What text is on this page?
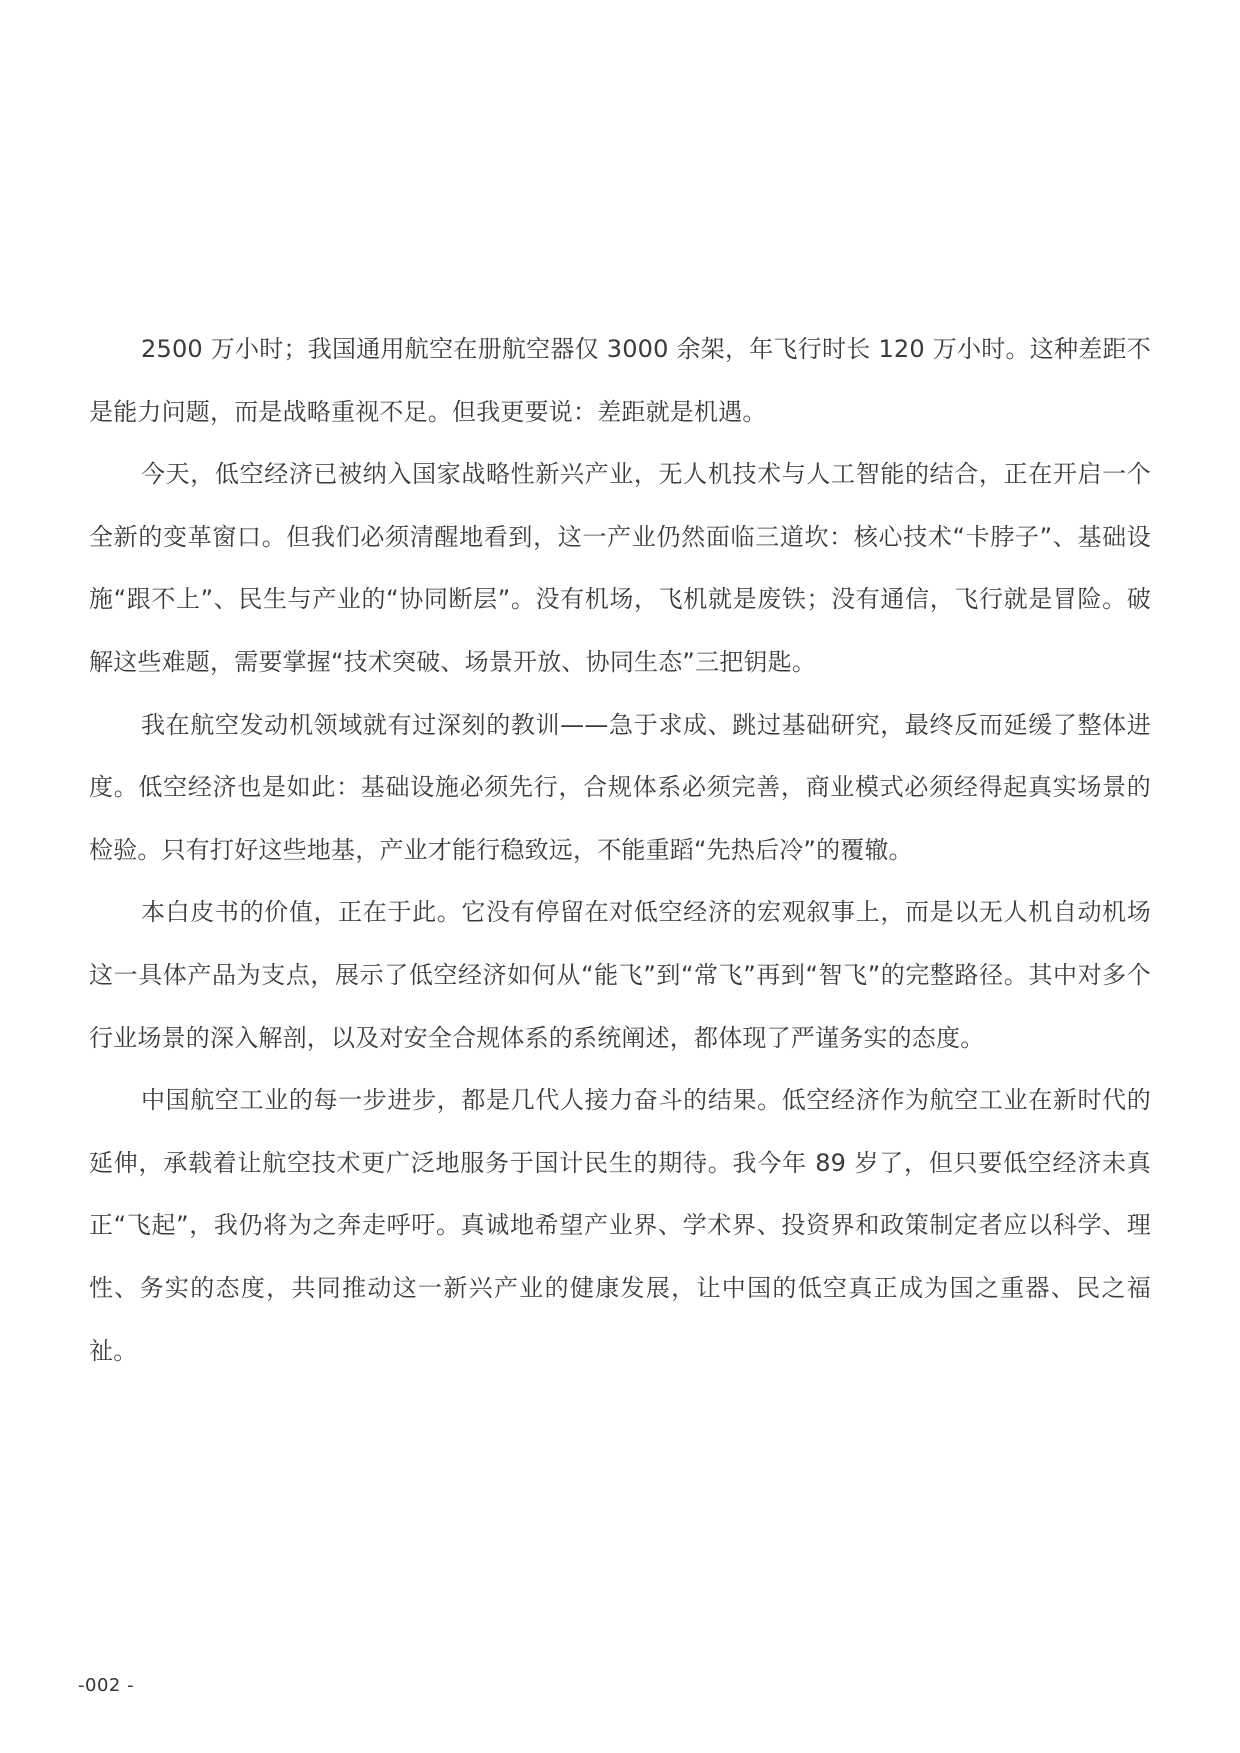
2500 万小时；我国通用航空在册航空器仅 3000 余架，年飞行时长 120 万小时。这种差距不是能力问题，而是战略重视不足。但我更要说：差距就是机遇。

今天，低空经济已被纳入国家战略性新兴产业，无人机技术与人工智能的结合，正在开启一个全新的变革窗口。但我们必须清醒地看到，这一产业仍然面临三道坎：核心技术“卡脖子”、基础设施“跟不上”、民生与产业的“协同断层”。没有机场，飞机就是废铁；没有通信，飞行就是冒险。破解这些难题，需要掌握“技术突破、场景开放、协同生态”三把钥匙。

我在航空发动机领域就有过深刻的教训——急于求成、跳过基础研究，最终反而延缓了整体进度。低空经济也是如此：基础设施必须先行，合规体系必须完善，商业模式必须经得起真实场景的检验。只有打好这些地基，产业才能行稳致远，不能重蹈“先热后冷”的覆辙。

本白皮书的价值，正在于此。它没有停留在对低空经济的宏观叙事上，而是以无人机自动机场这一具体产品为支点，展示了低空经济如何从“能飞”到“常飞”再到“智飞”的完整路径。其中对多个行业场景的深入解剖，以及对安全合规体系的系统阐述，都体现了严谨务实的态度。

中国航空工业的每一步进步，都是几代人接力奋斗的结果。低空经济作为航空工业在新时代的延伸，承载着让航空技术更广泛地服务于国计民生的期待。我今年 89 岁了，但只要低空经济未真正“飞起”，我仍将为之奔走呼吁。真诚地希望产业界、学术界、投资界和政策制定者应以科学、理性、务实的态度，共同推动这一新兴产业的健康发展，让中国的低空真正成为国之重器、民之福祉。

-002 -
